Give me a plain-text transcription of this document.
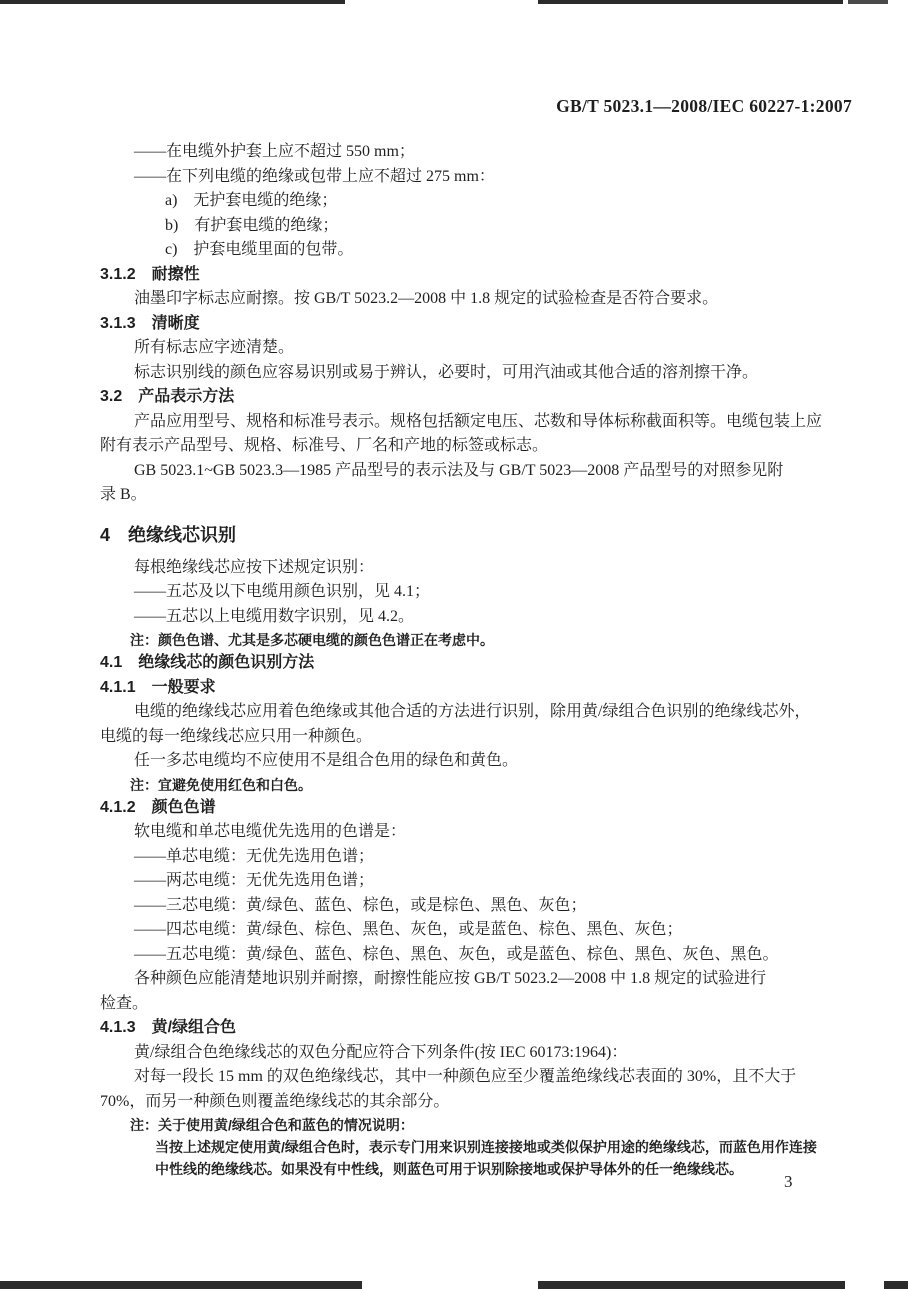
GB/T 5023.1—2008/IEC 60227-1:2007
——在电缆外护套上应不超过 550 mm；
——在下列电缆的绝缘或包带上应不超过 275 mm：
a)　无护套电缆的绝缘；
b)　有护套电缆的绝缘；
c)　护套电缆里面的包带。
3.1.2　耐擦性
油墨印字标志应耐擦。按 GB/T 5023.2—2008 中 1.8 规定的试验检查是否符合要求。
3.1.3　清晰度
所有标志应字迹清楚。
标志识别线的颜色应容易识别或易于辨认，必要时，可用汽油或其他合适的溶剂擦干净。
3.2　产品表示方法
产品应用型号、规格和标准号表示。规格包括额定电压、芯数和导体标称截面积等。电缆包装上应
附有表示产品型号、规格、标准号、厂名和产地的标签或标志。
GB 5023.1~GB 5023.3—1985 产品型号的表示法及与 GB/T 5023—2008 产品型号的对照参见附
录 B。
4　绝缘线芯识别
每根绝缘线芯应按下述规定识别：
——五芯及以下电缆用颜色识别，见 4.1；
——五芯以上电缆用数字识别，见 4.2。
注：颜色色谱、尤其是多芯硬电缆的颜色色谱正在考虑中。
4.1　绝缘线芯的颜色识别方法
4.1.1　一般要求
电缆的绝缘线芯应用着色绝缘或其他合适的方法进行识别，除用黄/绿组合色识别的绝缘线芯外，
电缆的每一绝缘线芯应只用一种颜色。
任一多芯电缆均不应使用不是组合色用的绿色和黄色。
注：宜避免使用红色和白色。
4.1.2　颜色色谱
软电缆和单芯电缆优先选用的色谱是：
——单芯电缆：无优先选用色谱；
——两芯电缆：无优先选用色谱；
——三芯电缆：黄/绿色、蓝色、棕色，或是棕色、黑色、灰色；
——四芯电缆：黄/绿色、棕色、黑色、灰色，或是蓝色、棕色、黑色、灰色；
——五芯电缆：黄/绿色、蓝色、棕色、黑色、灰色，或是蓝色、棕色、黑色、灰色、黑色。
各种颜色应能清楚地识别并耐擦，耐擦性能应按 GB/T 5023.2—2008 中 1.8 规定的试验进行
检查。
4.1.3　黄/绿组合色
黄/绿组合色绝缘线芯的双色分配应符合下列条件(按 IEC 60173:1964)：
对每一段长 15 mm 的双色绝缘线芯，其中一种颜色应至少覆盖绝缘线芯表面的 30%，且不大于
70%，而另一种颜色则覆盖绝缘线芯的其余部分。
注：关于使用黄/绿组合色和蓝色的情况说明：
当按上述规定使用黄/绿组合色时，表示专门用来识别连接接地或类似保护用途的绝缘线芯，而蓝色用作连接
中性线的绝缘线芯。如果没有中性线，则蓝色可用于识别除接地或保护导体外的任一绝缘线芯。
3
